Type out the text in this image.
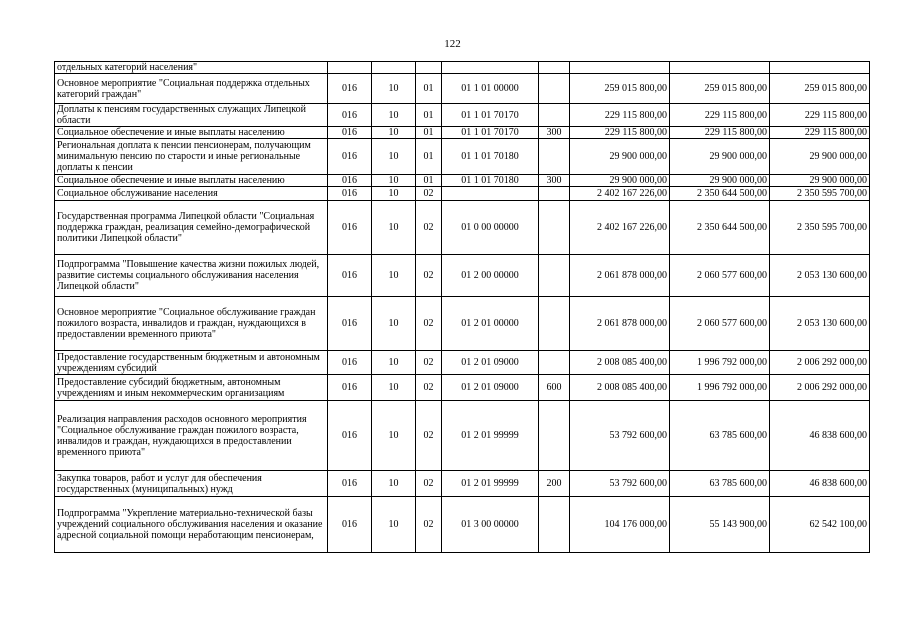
122
отдельных категорий населения"								
Основное мероприятие "Социальная поддержка отдельных категорий граждан"	016	10	01	01 1 01 00000		259 015 800,00	259 015 800,00	259 015 800,00
Доплаты к пенсиям государственных служащих Липецкой области	016	10	01	01 1 01 70170		229 115 800,00	229 115 800,00	229 115 800,00
Социальное обеспечение и иные выплаты населению	016	10	01	01 1 01 70170	300	229 115 800,00	229 115 800,00	229 115 800,00
Региональная доплата к пенсии пенсионерам, получающим минимальную пенсию по старости и иные региональные доплаты к пенсии	016	10	01	01 1 01 70180		29 900 000,00	29 900 000,00	29 900 000,00
Социальное обеспечение и иные выплаты населению	016	10	01	01 1 01 70180	300	29 900 000,00	29 900 000,00	29 900 000,00
Социальное обслуживание населения	016	10	02			2 402 167 226,00	2 350 644 500,00	2 350 595 700,00
Государственная программа Липецкой области "Социальная поддержка граждан, реализация семейно-демографической политики Липецкой области"	016	10	02	01 0 00 00000		2 402 167 226,00	2 350 644 500,00	2 350 595 700,00
Подпрограмма "Повышение качества жизни пожилых людей, развитие системы социального обслуживания населения Липецкой области"	016	10	02	01 2 00 00000		2 061 878 000,00	2 060 577 600,00	2 053 130 600,00
Основное мероприятие "Социальное обслуживание граждан пожилого возраста, инвалидов и граждан, нуждающихся в предоставлении временного приюта"	016	10	02	01 2 01 00000		2 061 878 000,00	2 060 577 600,00	2 053 130 600,00
Предоставление государственным бюджетным и автономным учреждениям субсидий	016	10	02	01 2 01 09000		2 008 085 400,00	1 996 792 000,00	2 006 292 000,00
Предоставление субсидий бюджетным, автономным учреждениям и иным некоммерческим организациям	016	10	02	01 2 01 09000	600	2 008 085 400,00	1 996 792 000,00	2 006 292 000,00
Реализация направления расходов основного мероприятия "Социальное обслуживание граждан пожилого возраста, инвалидов и граждан, нуждающихся в предоставлении временного приюта"	016	10	02	01 2 01 99999		53 792 600,00	63 785 600,00	46 838 600,00
Закупка товаров, работ и услуг для обеспечения государственных (муниципальных) нужд	016	10	02	01 2 01 99999	200	53 792 600,00	63 785 600,00	46 838 600,00
Подпрограмма "Укрепление материально-технической базы учреждений социального обслуживания населения и оказание адресной социальной помощи неработающим пенсионерам,	016	10	02	01 3 00 00000		104 176 000,00	55 143 900,00	62 542 100,00
